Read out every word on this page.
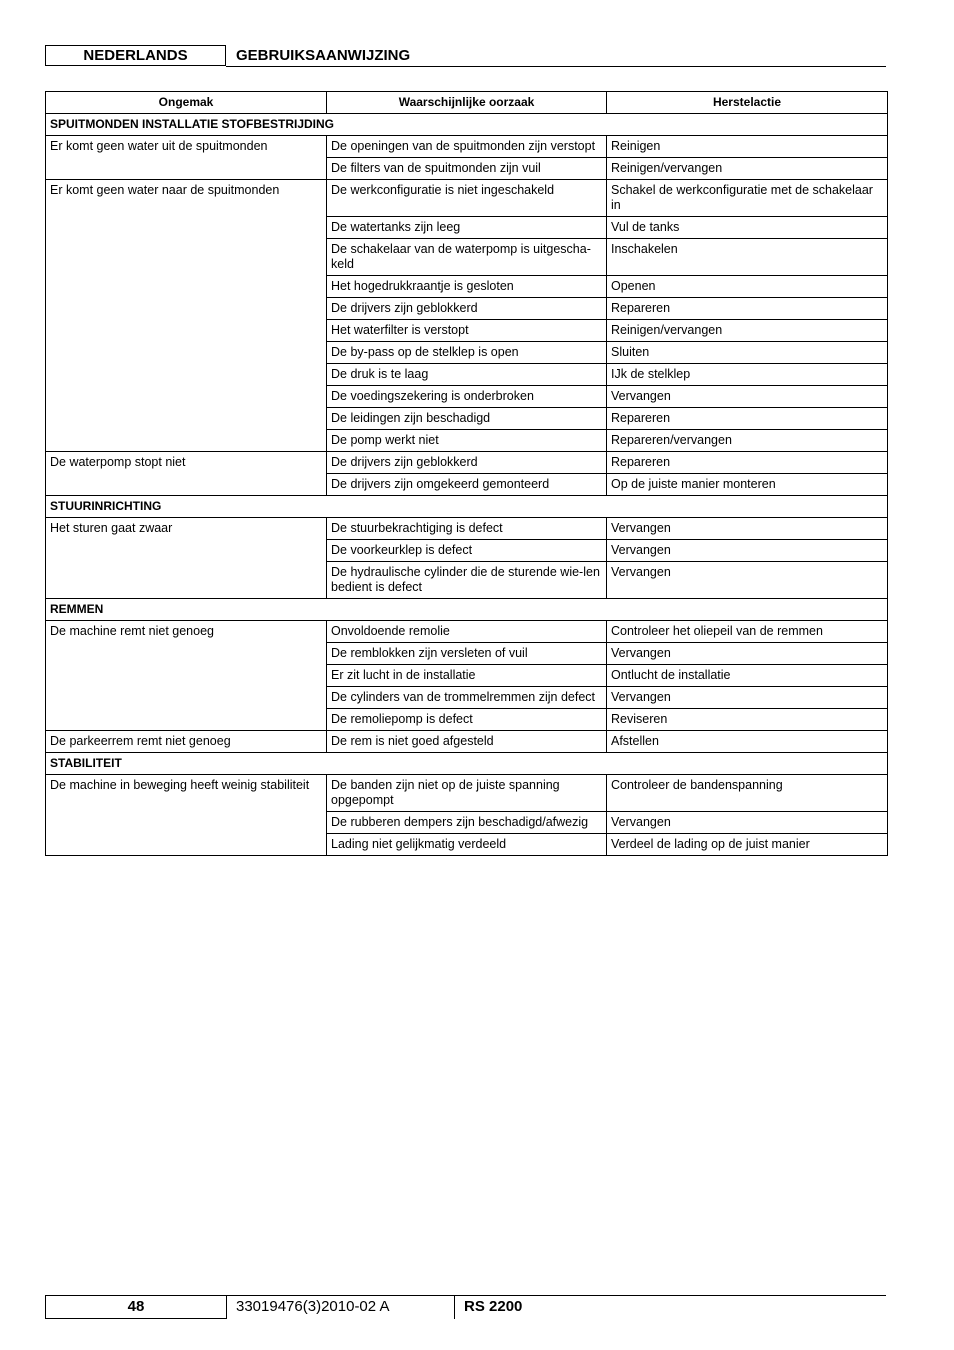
NEDERLANDS	GEBRUIKSAANWIJZING
Ongemak	Waarschijnlijke oorzaak	Herstelactie
SPUITMONDEN INSTALLATIE STOFBESTRIJDING		
Er komt geen water uit de spuitmonden	De openingen van de spuitmonden zijn verstopt	Reinigen
	De filters van de spuitmonden zijn vuil	Reinigen/vervangen
Er komt geen water naar de spuitmonden	De werkconfiguratie is niet ingeschakeld	Schakel de werkconfiguratie met de schakelaar in
	De watertanks zijn leeg	Vul de tanks
	De schakelaar van de waterpomp is uitgescha-keld	Inschakelen
	Het hogedrukkraantje is gesloten	Openen
	De drijvers zijn geblokkerd	Repareren
	Het waterfilter is verstopt	Reinigen/vervangen
	De by-pass op de stelklep is open	Sluiten
	De druk is te laag	IJk de stelklep
	De voedingszekering is onderbroken	Vervangen
	De leidingen zijn beschadigd	Repareren
	De pomp werkt niet	Repareren/vervangen
De waterpomp stopt niet	De drijvers zijn geblokkerd	Repareren
	De drijvers zijn omgekeerd gemonteerd	Op de juiste manier monteren
STUURINRICHTING		
Het sturen gaat zwaar	De stuurbekrachtiging is defect	Vervangen
	De voorkeurklep is defect	Vervangen
	De hydraulische cylinder die de sturende wie-len bedient is defect	Vervangen
REMMEN		
De machine remt niet genoeg	Onvoldoende remolie	Controleer het oliepeil van de remmen
	De remblokken zijn versleten of vuil	Vervangen
	Er zit lucht in de installatie	Ontlucht de installatie
	De cylinders van de trommelremmen zijn defect	Vervangen
	De remoliepomp is defect	Reviseren
De parkeerrem remt niet genoeg	De rem is niet goed afgesteld	Afstellen
STABILITEIT		
De machine in beweging heeft weinig stabiliteit	De banden zijn niet op de juiste spanning opgepompt	Controleer de bandenspanning
	De rubberen dempers zijn beschadigd/afwezig	Vervangen
	Lading niet gelijkmatig verdeeld	Verdeel de lading op de juist manier
48	33019476(3)2010-02 A	RS 2200
